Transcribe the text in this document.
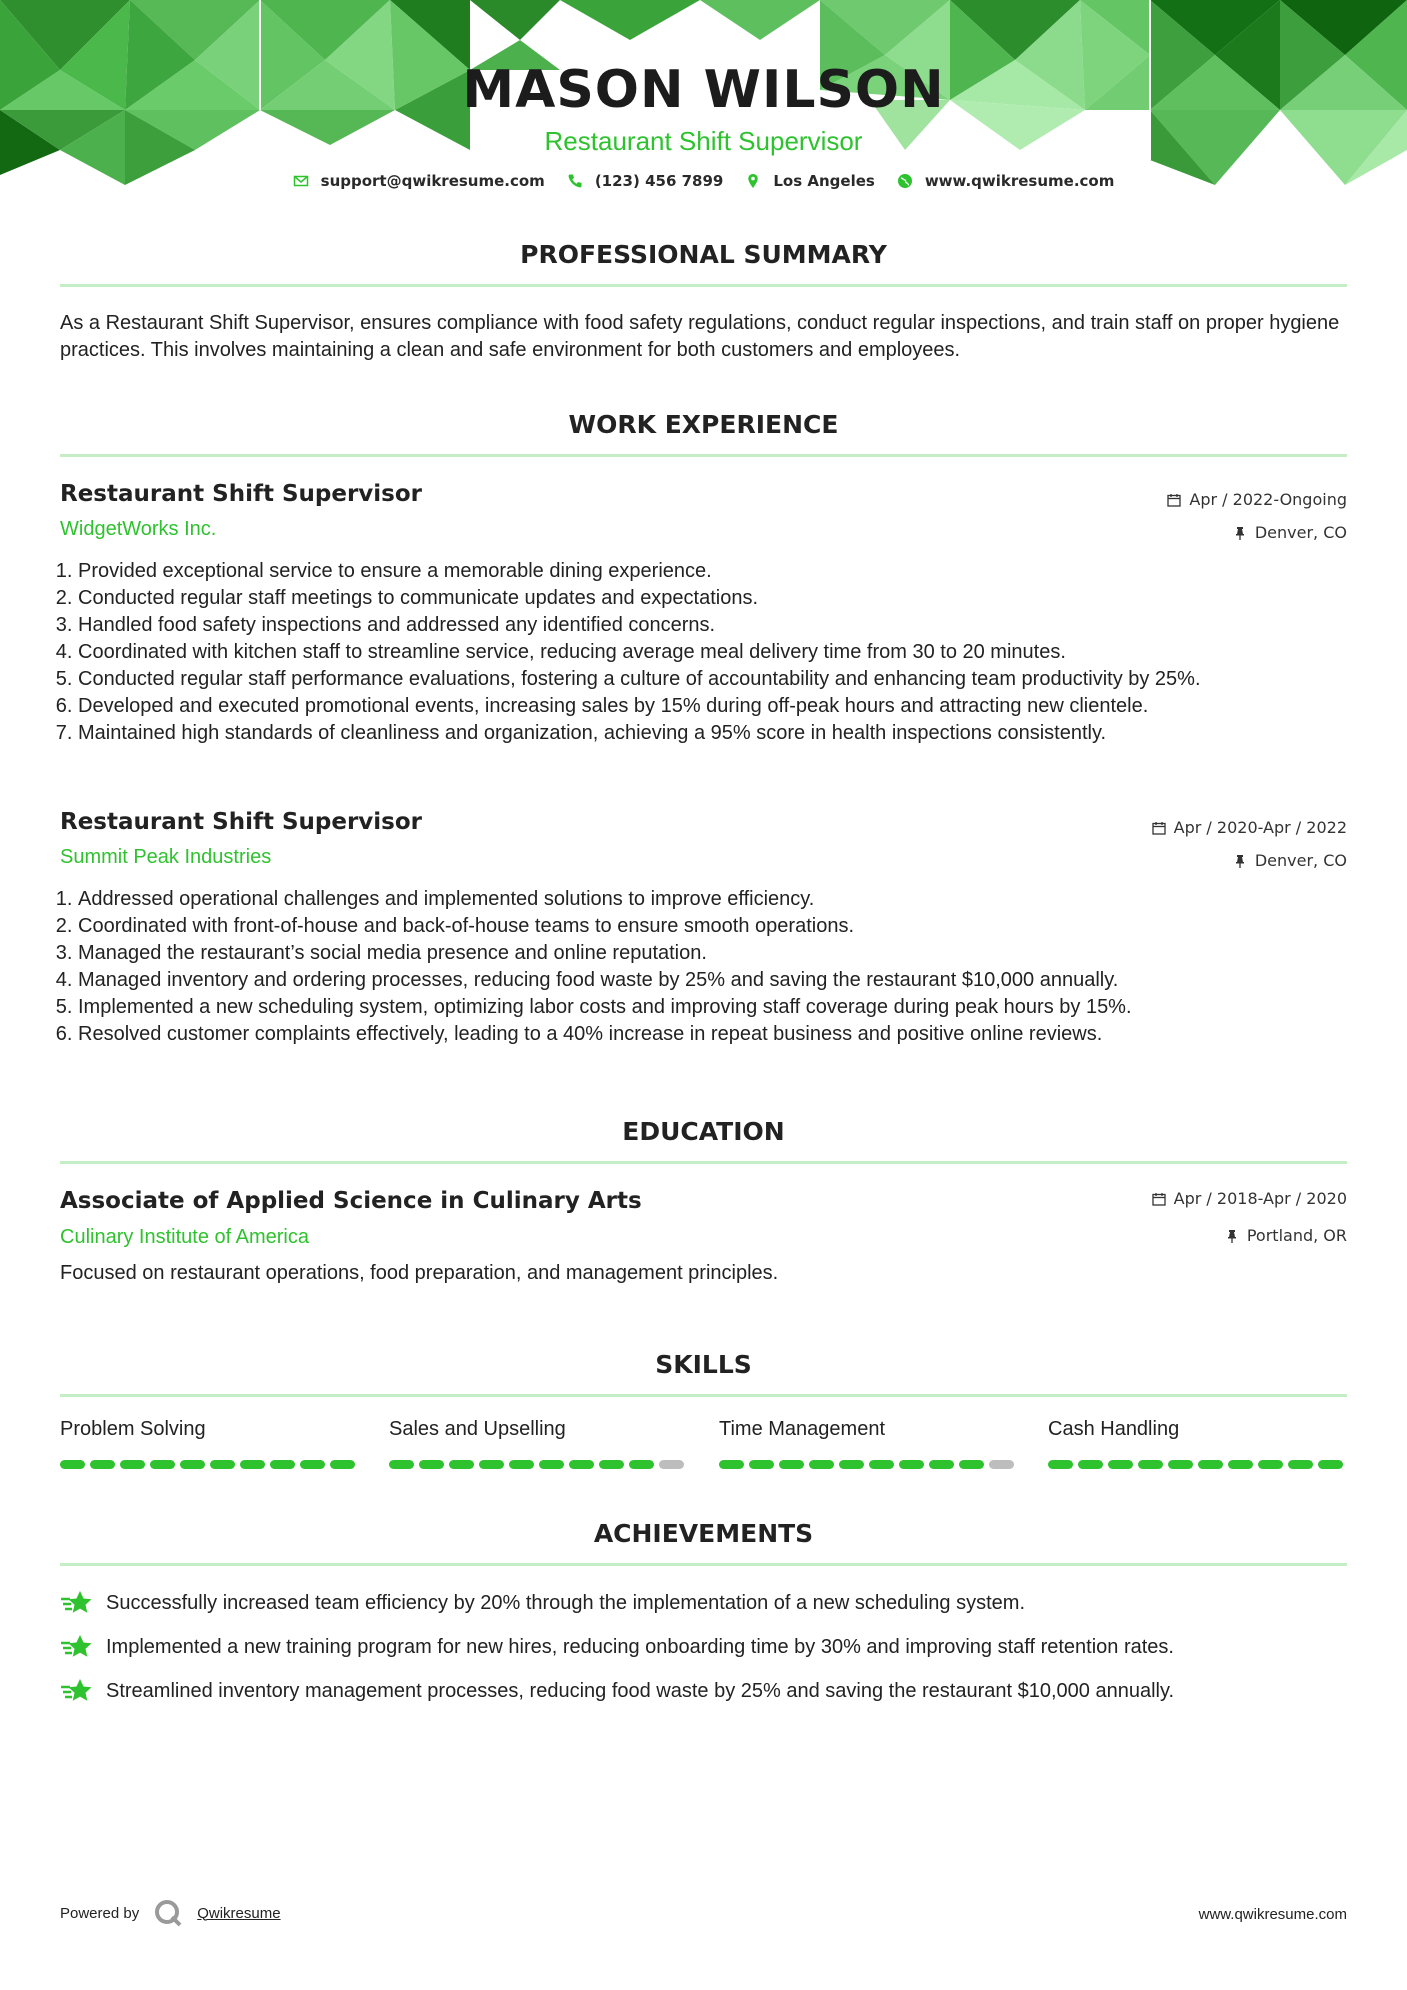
MASON WILSON
Restaurant Shift Supervisor
support@qwikresume.com	(123) 456 7899	Los Angeles	www.qwikresume.com
PROFESSIONAL SUMMARY
As a Restaurant Shift Supervisor, ensures compliance with food safety regulations, conduct regular inspections, and train staff on proper hygiene practices. This involves maintaining a clean and safe environment for both customers and employees.
WORK EXPERIENCE
Restaurant Shift Supervisor	Apr / 2022-Ongoing
WidgetWorks Inc.	Denver, CO
1. Provided exceptional service to ensure a memorable dining experience.
2. Conducted regular staff meetings to communicate updates and expectations.
3. Handled food safety inspections and addressed any identified concerns.
4. Coordinated with kitchen staff to streamline service, reducing average meal delivery time from 30 to 20 minutes.
5. Conducted regular staff performance evaluations, fostering a culture of accountability and enhancing team productivity by 25%.
6. Developed and executed promotional events, increasing sales by 15% during off-peak hours and attracting new clientele.
7. Maintained high standards of cleanliness and organization, achieving a 95% score in health inspections consistently.
Restaurant Shift Supervisor	Apr / 2020-Apr / 2022
Summit Peak Industries	Denver, CO
1. Addressed operational challenges and implemented solutions to improve efficiency.
2. Coordinated with front-of-house and back-of-house teams to ensure smooth operations.
3. Managed the restaurant’s social media presence and online reputation.
4. Managed inventory and ordering processes, reducing food waste by 25% and saving the restaurant $10,000 annually.
5. Implemented a new scheduling system, optimizing labor costs and improving staff coverage during peak hours by 15%.
6. Resolved customer complaints effectively, leading to a 40% increase in repeat business and positive online reviews.
EDUCATION
Associate of Applied Science in Culinary Arts	Apr / 2018-Apr / 2020
Culinary Institute of America	Portland, OR
Focused on restaurant operations, food preparation, and management principles.
SKILLS
Problem Solving	Sales and Upselling	Time Management	Cash Handling
ACHIEVEMENTS
Successfully increased team efficiency by 20% through the implementation of a new scheduling system.
Implemented a new training program for new hires, reducing onboarding time by 30% and improving staff retention rates.
Streamlined inventory management processes, reducing food waste by 25% and saving the restaurant $10,000 annually.
Powered by	Qwikresume	www.qwikresume.com
